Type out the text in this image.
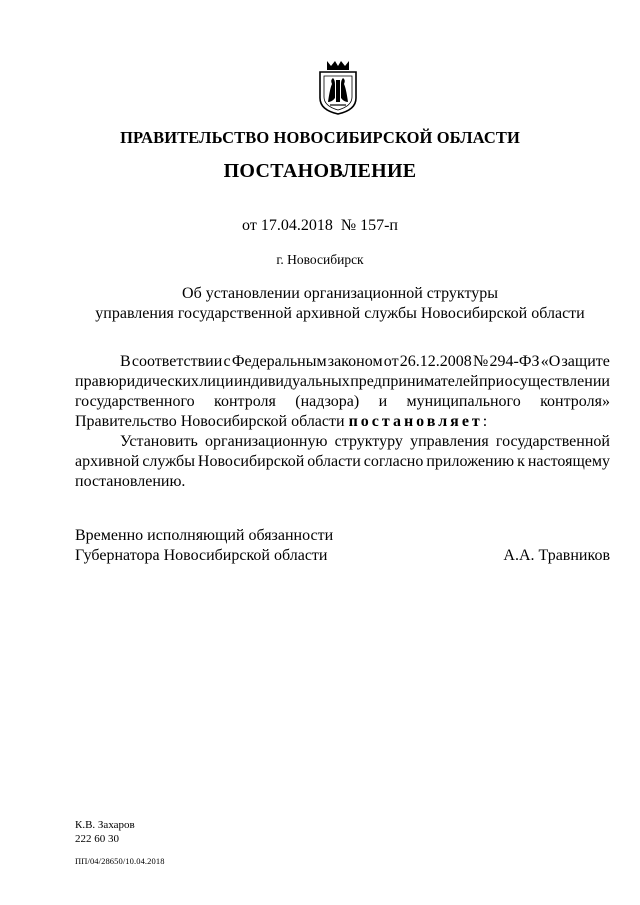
ПРАВИТЕЛЬСТВО НОВОСИБИРСКОЙ ОБЛАСТИ
ПОСТАНОВЛЕНИЕ
от 17.04.2018  № 157-п
г. Новосибирск
Об установлении организационной структуры
управления государственной архивной службы Новосибирской области
В соответствии с Федеральным законом от 26.12.2008 № 294-ФЗ «О защите
прав юридических лиц и индивидуальных предпринимателей при осуществлении
государственного контроля (надзора) и муниципального контроля»
Правительство Новосибирской области постановляет:
Установить организационную структуру управления государственной
архивной службы Новосибирской области согласно приложению к настоящему
постановлению.
Временно исполняющий обязанности
Губернатора Новосибирской области	А.А. Травников
К.В. Захаров
222 60 30
ПП/04/28650/10.04.2018
